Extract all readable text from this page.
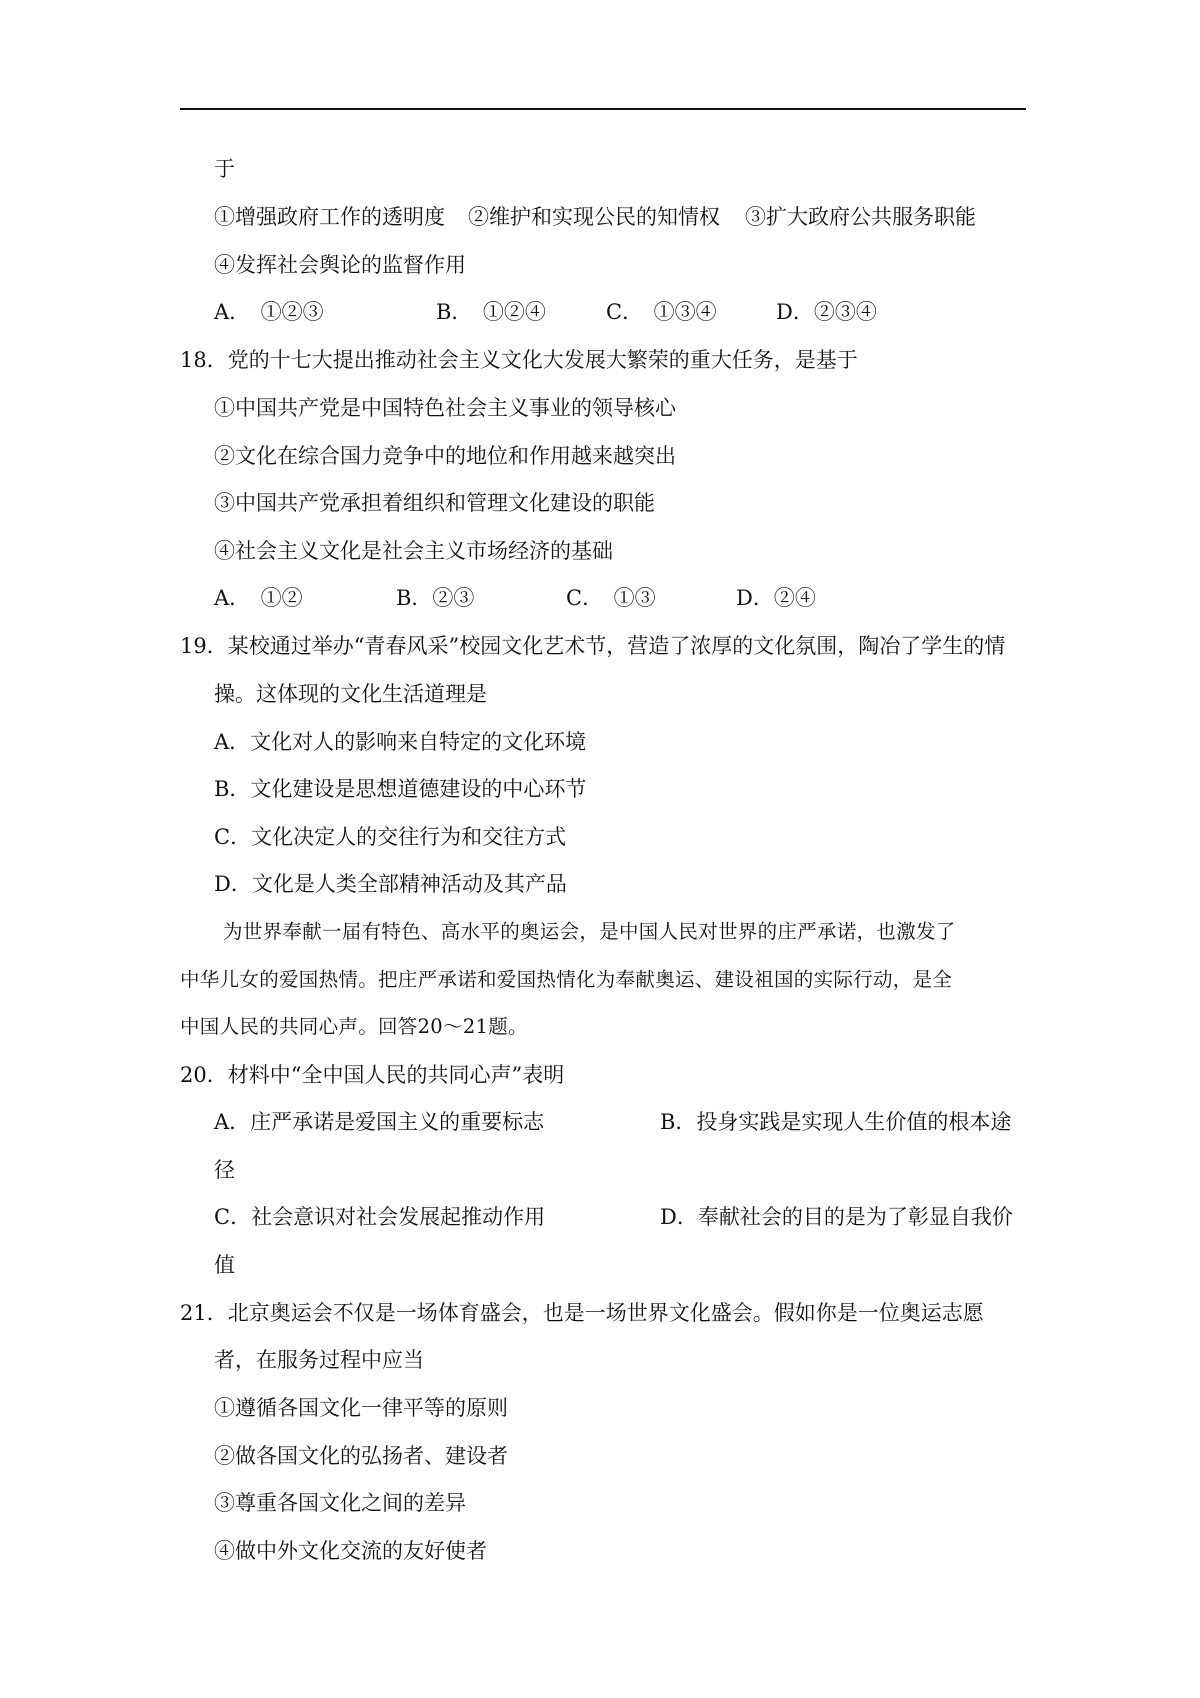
于
①增强政府工作的透明度 ②维护和实现公民的知情权 ③扩大政府公共服务职能
④发挥社会舆论的监督作用
A．　①②③	B．　①②④	C．　①③④	D．②③④
18．党的十七大提出推动社会主义文化大发展大繁荣的重大任务，是基于
①中国共产党是中国特色社会主义事业的领导核心
②文化在综合国力竞争中的地位和作用越来越突出
③中国共产党承担着组织和管理文化建设的职能
④社会主义文化是社会主义市场经济的基础
A．　①②	B．②③	C．　①③	D．②④
19．某校通过举办“青春风采”校园文化艺术节，营造了浓厚的文化氛围，陶冶了学生的情
操。这体现的文化生活道理是
A．文化对人的影响来自特定的文化环境
B．文化建设是思想道德建设的中心环节
C．文化决定人的交往行为和交往方式
D．文化是人类全部精神活动及其产品
为世界奉献一届有特色、高水平的奥运会，是中国人民对世界的庄严承诺，也激发了
中华儿女的爱国热情。把庄严承诺和爱国热情化为奉献奥运、建设祖国的实际行动，是全
中国人民的共同心声。回答20～21题。
20．材料中“全中国人民的共同心声”表明
A．庄严承诺是爱国主义的重要标志	B．投身实践是实现人生价值的根本途
径
C．社会意识对社会发展起推动作用	D．奉献社会的目的是为了彰显自我价
值
21．北京奥运会不仅是一场体育盛会，也是一场世界文化盛会。假如你是一位奥运志愿
者，在服务过程中应当
①遵循各国文化一律平等的原则
②做各国文化的弘扬者、建设者
③尊重各国文化之间的差异
④做中外文化交流的友好使者
